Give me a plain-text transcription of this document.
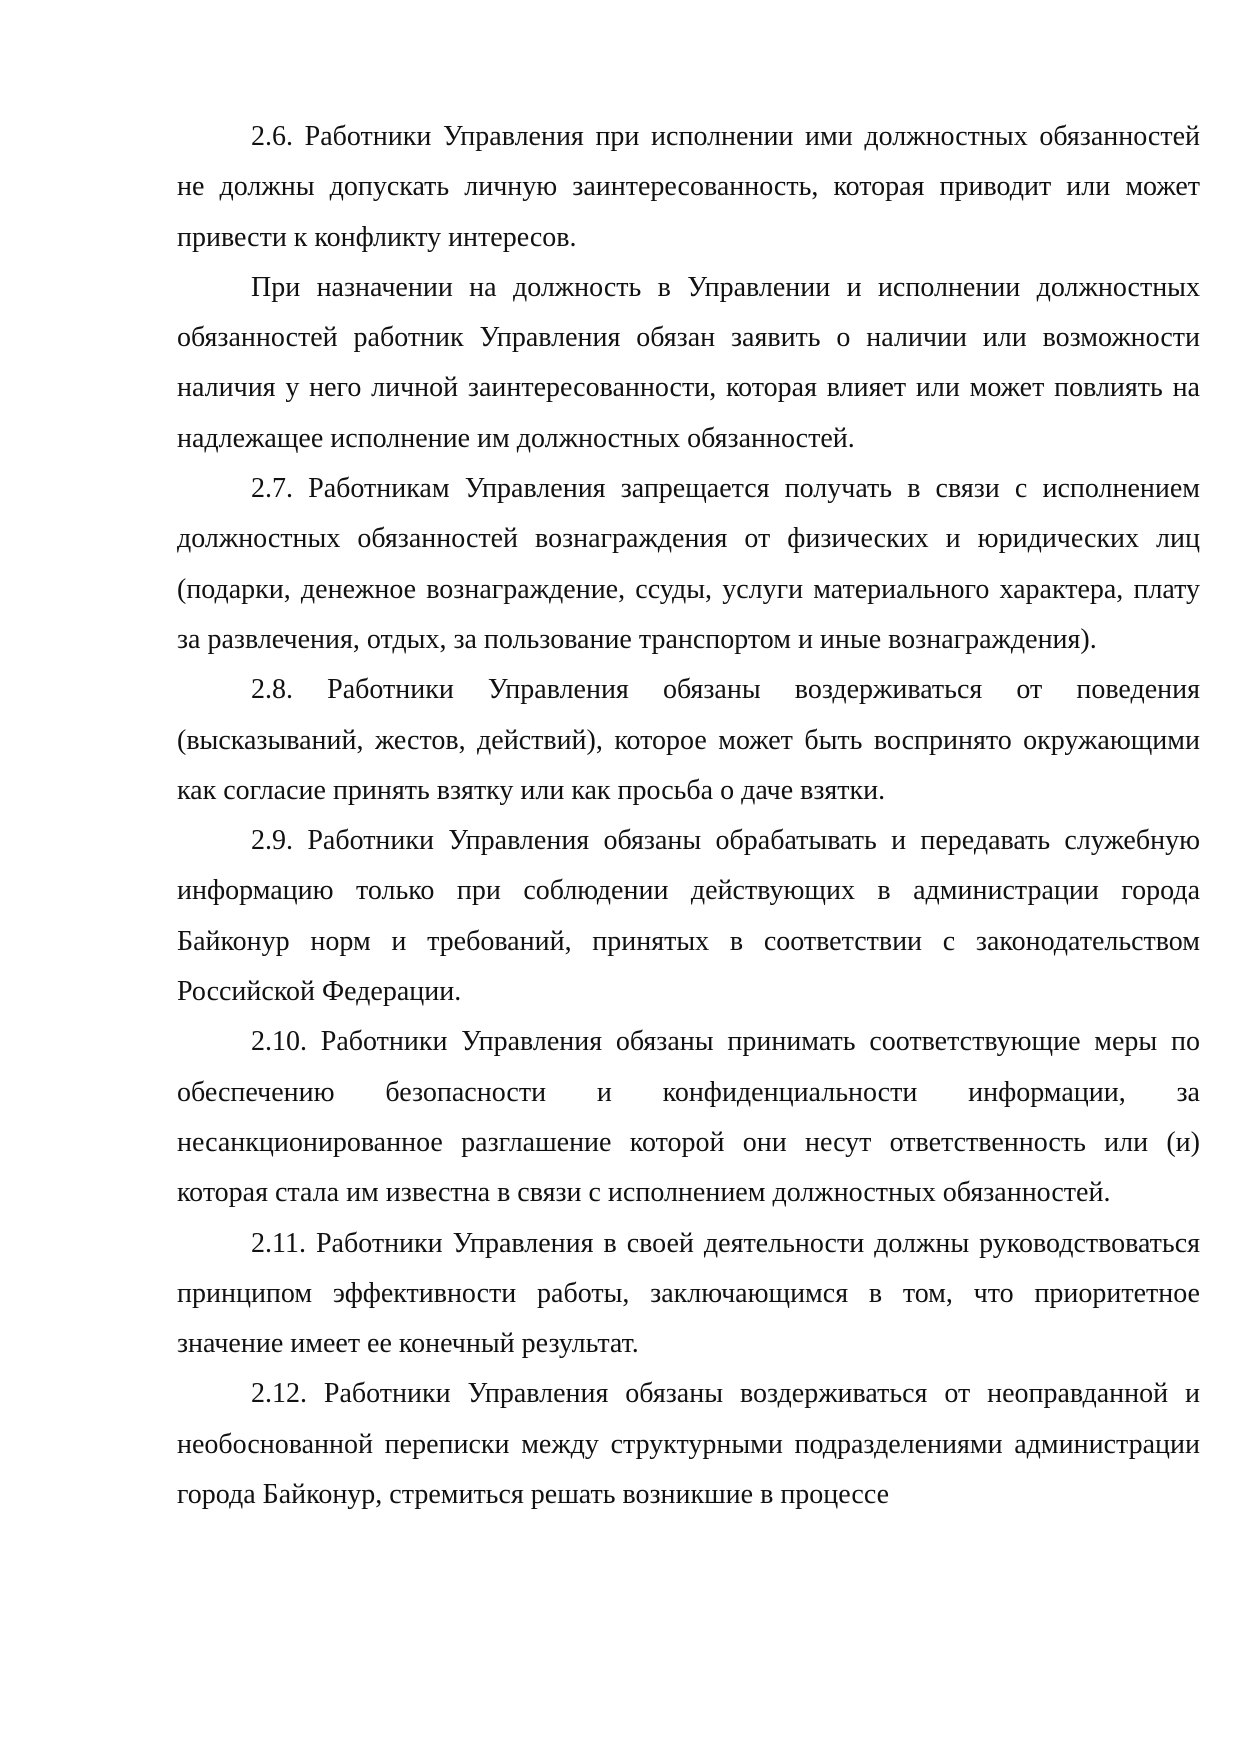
2.6. Работники Управления при исполнении ими должностных обязанностей не должны допускать личную заинтересованность, которая приводит или может привести к конфликту интересов.

При назначении на должность в Управлении и исполнении должностных обязанностей работник Управления обязан заявить о наличии или возможности наличия у него личной заинтересованности, которая влияет или может повлиять на надлежащее исполнение им должностных обязанностей.

2.7. Работникам Управления запрещается получать в связи с исполнением должностных обязанностей вознаграждения от физических и юридических лиц (подарки, денежное вознаграждение, ссуды, услуги материального характера, плату за развлечения, отдых, за пользование транспортом и иные вознаграждения).

2.8. Работники Управления обязаны воздерживаться от поведения (высказываний, жестов, действий), которое может быть воспринято окружающими как согласие принять взятку или как просьба о даче взятки.

2.9. Работники Управления обязаны обрабатывать и передавать служебную информацию только при соблюдении действующих в администрации города Байконур норм и требований, принятых в соответствии с законодательством Российской Федерации.

2.10. Работники Управления обязаны принимать соответствующие меры по обеспечению безопасности и конфиденциальности информации, за несанкционированное разглашение которой они несут ответственность или (и) которая стала им известна в связи с исполнением должностных обязанностей.

2.11. Работники Управления в своей деятельности должны руководствоваться принципом эффективности работы, заключающимся в том, что приоритетное значение имеет ее конечный результат.

2.12. Работники Управления обязаны воздерживаться от неоправданной и необоснованной переписки между структурными подразделениями администрации города Байконур, стремиться решать возникшие в процессе
